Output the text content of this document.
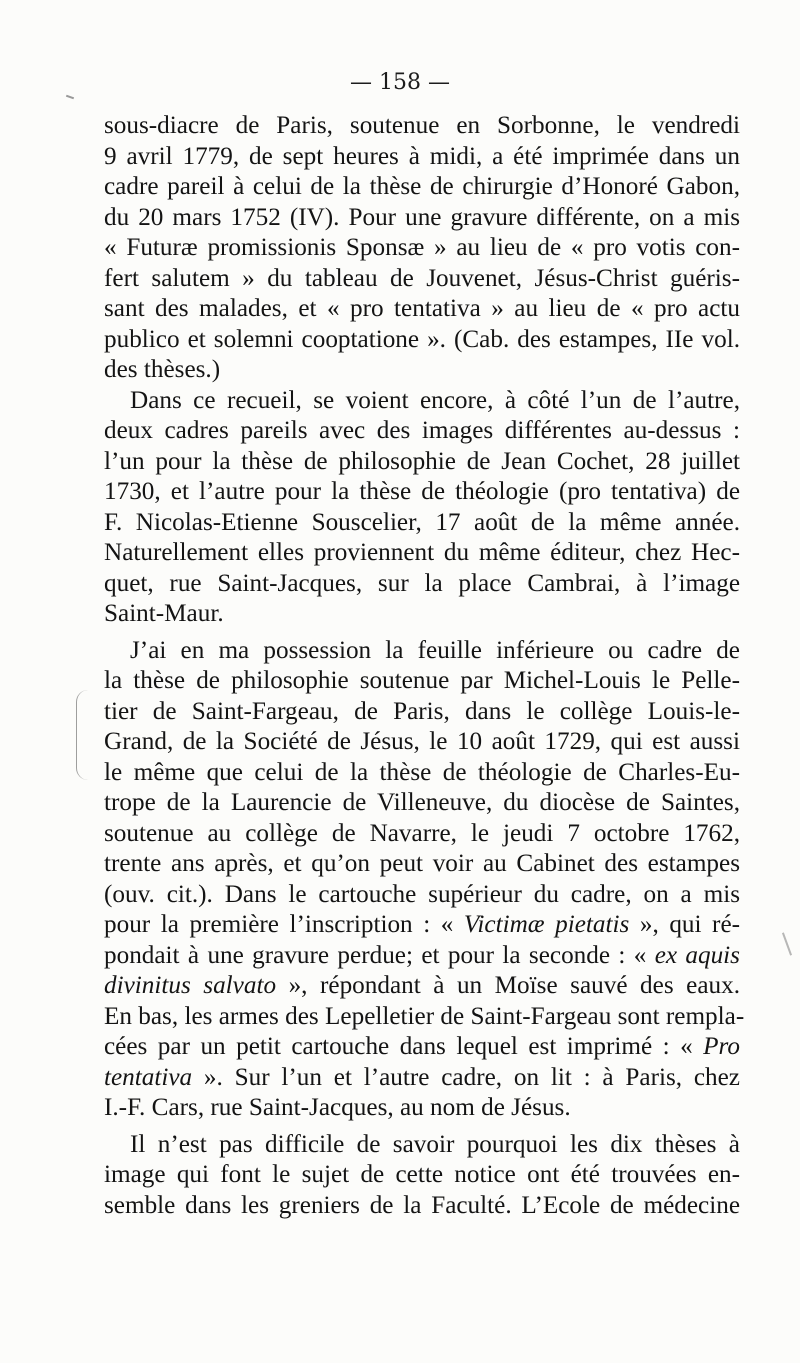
— 158 —
sous-diacre de Paris, soutenue en Sorbonne, le vendredi
9 avril 1779, de sept heures à midi, a été imprimée dans un
cadre pareil à celui de la thèse de chirurgie d’Honoré Gabon,
du 20 mars 1752 (IV). Pour une gravure différente, on a mis
« Futuræ promissionis Sponsæ » au lieu de « pro votis con-
fert salutem » du tableau de Jouvenet, Jésus-Christ guéris-
sant des malades, et « pro tentativa » au lieu de « pro actu
publico et solemni cooptatione ». (Cab. des estampes, IIe vol.
des thèses.)
Dans ce recueil, se voient encore, à côté l’un de l’autre,
deux cadres pareils avec des images différentes au-dessus :
l’un pour la thèse de philosophie de Jean Cochet, 28 juillet
1730, et l’autre pour la thèse de théologie (pro tentativa) de
F. Nicolas-Etienne Souscelier, 17 août de la même année.
Naturellement elles proviennent du même éditeur, chez Hec-
quet, rue Saint-Jacques, sur la place Cambrai, à l’image
Saint-Maur.
J’ai en ma possession la feuille inférieure ou cadre de
la thèse de philosophie soutenue par Michel-Louis le Pelle-
tier de Saint-Fargeau, de Paris, dans le collège Louis-le-
Grand, de la Société de Jésus, le 10 août 1729, qui est aussi
le même que celui de la thèse de théologie de Charles-Eu-
trope de la Laurencie de Villeneuve, du diocèse de Saintes,
soutenue au collège de Navarre, le jeudi 7 octobre 1762,
trente ans après, et qu’on peut voir au Cabinet des estampes
(ouv. cit.). Dans le cartouche supérieur du cadre, on a mis
pour la première l’inscription : « Victimæ pietatis », qui ré-
pondait à une gravure perdue; et pour la seconde : « ex aquis
divinitus salvato », répondant à un Moïse sauvé des eaux.
En bas, les armes des Lepelletier de Saint-Fargeau sont rempla-
cées par un petit cartouche dans lequel est imprimé : « Pro
tentativa ». Sur l’un et l’autre cadre, on lit : à Paris, chez
I.-F. Cars, rue Saint-Jacques, au nom de Jésus.
Il n’est pas difficile de savoir pourquoi les dix thèses à
image qui font le sujet de cette notice ont été trouvées en-
semble dans les greniers de la Faculté. L’Ecole de médecine
